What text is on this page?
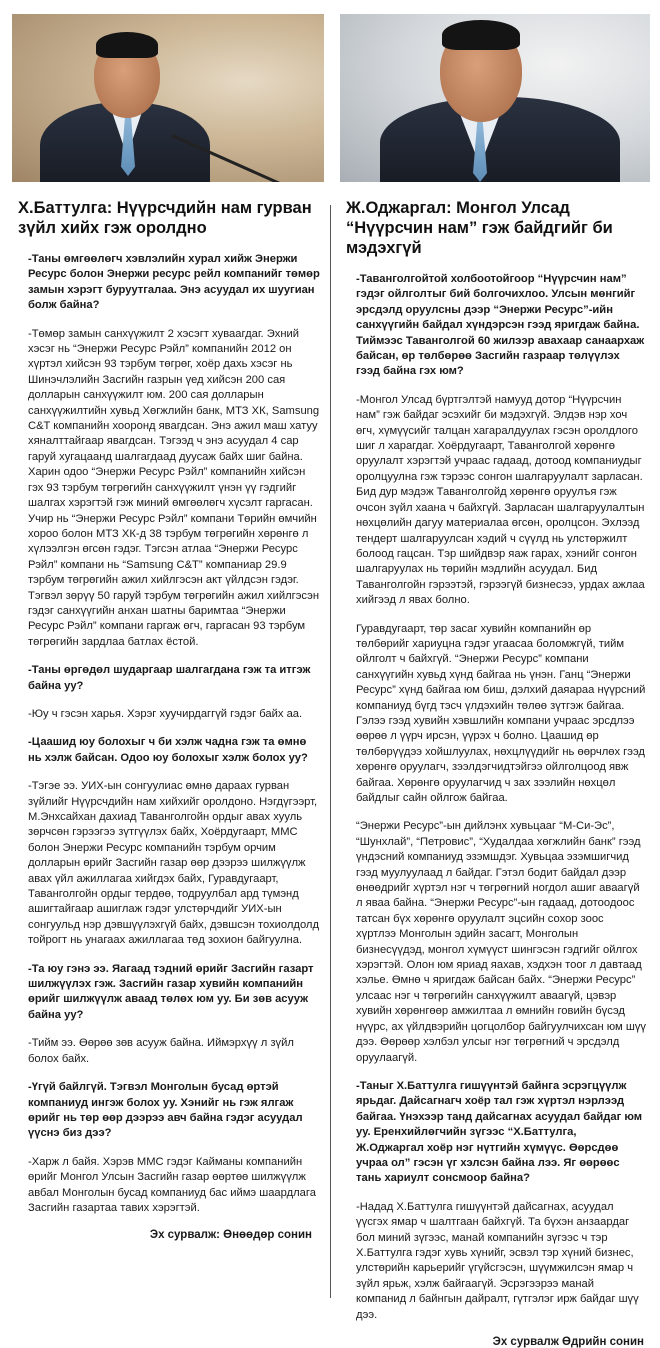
Х.Баттулга: Нүүрсчдийн нам гурван зүйл хийх гэж оролдно

-Таны өмгөөлөгч хэвлэлийн хурал хийж Энержи Ресурс болон Энержи ресурс рейл компанийг төмөр замын хэрэгт буруутгалаа. Энэ асуудал их шуугиан болж байна?

-Төмөр замын санхүүжилт 2 хэсэгт хуваагдаг. Эхний хэсэг нь “Энержи Ресурс Рэйл” компанийн 2012 он хүртэл хийсэн 93 тэрбум төгрөг, хоёр дахь хэсэг нь Шинэчлэлийн Засгийн газрын үед хийсэн 200 сая долларын санхүүжилт юм. 200 сая долларын санхүүжилтийн хувьд Хөгжлийн банк, МТЗ ХК, Samsung C&T компанийн хооронд явагдсан. Энэ ажил маш хатуу хяналттайгаар явагдсан. Тэгээд ч энэ асуудал 4 сар гаруй хугацаанд шалгагдаад дуусаж байх шиг байна. Харин одоо “Энержи Ресурс Рэйл” компанийн хийсэн гэх 93 тэрбум төгрөгийн санхүүжилт үнэн үү гэдгийг шалгах хэрэгтэй гэж миний өмгөөлөгч хүсэлт гаргасан. Учир нь “Энержи Ресурс Рэйл” компани Төрийн өмчийн хороо болон МТЗ ХК-д 38 тэрбум төгрөгийн хөрөнгө л хүлээлгэн өгсөн гэдэг. Тэгсэн атлаа “Энержи Ресурс Рэйл” компани нь “Samsung C&T” компаниар 29.9 тэрбум төгрөгийн ажил хийлгэсэн акт үйлдсэн гэдэг. Тэгвэл зөрүү 50 гаруй тэрбум төгрөгийн ажил хийлгэсэн гэдэг санхүүгийн анхан шатны баримтаа “Энержи Ресурс Рэйл” компани гаргаж өгч, гаргасан 93 тэрбум төгрөгийн зардлаа батлах ёстой.

-Таны өргөдөл шударгаар шалгагдана гэж та итгэж байна уу?

-Юу ч гэсэн харья. Хэрэг хуучирдаггүй гэдэг байх аа.

-Цаашид юу болохыг ч би хэлж чадна гэж та өмнө нь хэлж байсан. Одоо юу болохыг хэлж болох уу?

-Тэгэе ээ. УИХ-ын сонгуулиас өмнө дараах гурван зүйлийг Нүүрсчдийн нам хийхийг оролдоно. Нэгдүгээрт, М.Энхсайхан дахиад Таванголгойн ордыг авах хууль зөрчсөн гэрээгээ зүтгүүлэх байх, Хоёрдугаарт, ММС болон Энержи Ресурс компанийн тэрбум орчим долларын өрийг Засгийн газар өөр дээрээ шилжүүлж авах үйл ажиллагаа хийгдэх байх, Гуравдугаарт, Таванголгойн ордыг тердөө, тодруулбал ард түмэнд ашигтайгаар ашиглаж гэдэг улстөрчдийг УИХ-ын сонгуульд нэр дэвшүүлэхгүй байх, дэвшсэн тохиолдолд тойрогт нь унагаах ажиллагаа төд зохион байгуулна.

-Та юу гэнэ ээ. Яагаад тэдний өрийг Засгийн газарт шилжүүлэх гэж. Засгийн газар хувийн компанийн өрийг шилжүүлж аваад төлөх юм уу. Би зөв асууж байна уу?

-Тийм ээ. Өөрөө зөв асууж байна. Иймэрхүү л зүйл болох байх.

-Үгүй байлгүй. Тэгвэл Монголын бусад өртэй компаниуд ингэж болох уу. Хэнийг нь гэж ялгаж өрийг нь төр өөр дээрээ авч байна гэдэг асуудал үүснэ биз дээ?

-Харж л байя. Хэрэв ММС гэдэг Кайманы компанийн өрийг Монгол Улсын Засгийн газар өөртөө шилжүүлж авбал Монголын бусад компаниуд бас иймэ шаардлага Засгийн газартаа тавих хэрэгтэй.

Эх сурвалж: Өнөөдөр сонин
Ж.Оджаргал: Монгол Улсад “Нүүрсчин нам” гэж байдгийг би мэдэхгүй

-Таванголгойтой холбоотойгоор “Нүүрсчин нам” гэдэг ойлголтыг бий болгочихлоо. Улсын мөнгийг эрсдэлд оруулсны дээр “Энержи Ресурс”-ийн санхүүгийн байдал хүндэрсэн гээд яригдаж байна. Тиймээс Таванголгой 60 жилээр авахаар санаархаж байсан, өр төлбөрөө Засгийн газраар төлүүлэх гээд байна гэх юм?

-Монгол Улсад бүртгэлтэй намууд дотор “Нүүрсчин нам” гэж байдаг эсэхийг би мэдэхгүй. Элдэв нэр хоч өгч, хүмүүсийг талцан хагаралдуулах гэсэн оролдлого шиг л харагдаг. Хоёрдугаарт, Таванголгой хөрөнгө оруулалт хэрэгтэй учраас гадаад, дотоод компаниудыг оролцуулна гэж тэрээс сонгон шалгаруулалт зарласан. Бид дур мэдэж Таванголгойд хөрөнгө оруулъя гэж очсон зүйл хаана ч байхгүй. Зарласан шалгаруулалтын нөхцөлийн дагуу материалаа өгсөн, оролцсон. Эхлээд тендерт шалгаруулсан хэдий ч сүүлд нь улстөржилт болоод гацсан. Тэр шийдвэр яаж гарах, хэнийг сонгон шалгаруулах нь төрийн мэдлийн асуудал. Бид Таванголгойн гэрээтэй, гэрээгүй бизнесээ, урдах ажлаа хийгээд л явах болно.

Гуравдугаарт, төр засаг хувийн компанийн өр төлбөрийг хариуцна гэдэг угаасаа боломжгүй, тийм ойлголт ч байхгүй. “Энержи Ресурс” компани санхүүгийн хувьд хүнд байгаа нь үнэн. Ганц “Энержи Ресурс” хүнд байгаа юм биш, дэлхий даяараа нүүрсний компаниуд бүгд тэсч үлдэхийн төлөө зүтгэж байгаа. Гэлээ гээд хувийн хэвшлийн компани учраас эрсдлээ өөрөө л үүрч ирсэн, үүрэх ч болно. Цаашид өр төлбөрүүдээ хойшлуулах, нөхцлүүдийг нь өөрчлөх гээд хөрөнгө оруулагч, зээлдэгчидтэйгээ ойлголцоод явж байгаа. Хөрөнгө оруулагчид ч зах зээлийн нөхцөл байдлыг сайн ойлгож байгаа.

“Энержи Ресурс”-ын дийлэнх хувьцааг “М-Си-Эс”, “Шунхлай”, “Петровис”, “Худалдаа хөгжлийн банк” гээд үндэсний компаниуд эзэмшдэг. Хувьцаа эзэмшигчид гээд муулуулаад л байдаг. Гэтэл бодит байдал дээр өнөөдрийг хүртэл нэг ч төгрөгний ногдол ашиг аваагүй л яваа байна. “Энержи Ресурс”-ын гадаад, дотоодоос татсан бүх хөрөнгө оруулалт эцсийн сохор зоос хүртлээ Монголын эдийн засагт, Монголын бизнесүүдэд, монгол хүмүүст шингэсэн гэдгийг ойлгох хэрэгтэй. Олон юм яриад яахав, хэдхэн тоог л давтаад хэлье. Өмнө ч яригдаж байсан байх. “Энержи Ресурс” улсаас нэг ч төгрөгийн санхүүжилт аваагүй, цэвэр хувийн хөрөнгөөр амжилтаа л өмнийн говийн бүсэд нүүрс, ах үйлдвэрийн цогцолбор байгуулчихсан юм шүү дээ. Өөрөөр хэлбэл улсыг нэг төгрөгний ч эрсдэлд оруулаагүй.

-Таныг Х.Баттулга гишүүнтэй байнга эсрэгцүүлж ярьдаг. Дайсагнагч хоёр тал гэж хүртэл нэрлээд байгаа. Үнэхээр танд дайсагнах асуудал байдаг юм уу. Еренхийлөгчийн зүгээс “Х.Баттулга, Ж.Оджаргал хоёр нэг нүтгийн хүмүүс. Өөрсдөө учраа ол” гэсэн үг хэлсэн байна лээ. Яг өөрөөс тань хариулт сонсмоор байна?

-Надад Х.Баттулга гишүүнтэй дайсагнах, асуудал үүсгэх ямар ч шалтгаан байхгүй. Та бүхэн анзаардаг бол миний зүгээс, манай компанийн зүгээс ч тэр Х.Баттулга гэдэг хувь хүнийг, эсвэл тэр хүний бизнес, улстөрийн карьерийг үгүйсгэсэн, шүүмжилсэн ямар ч зүйл ярьж, хэлж байгаагүй. Эсрэгээрээ манай компанид л байнгын дайралт, гүтгэлэг ирж байдаг шүү дээ.

Эх сурвалж Өдрийн сонин
